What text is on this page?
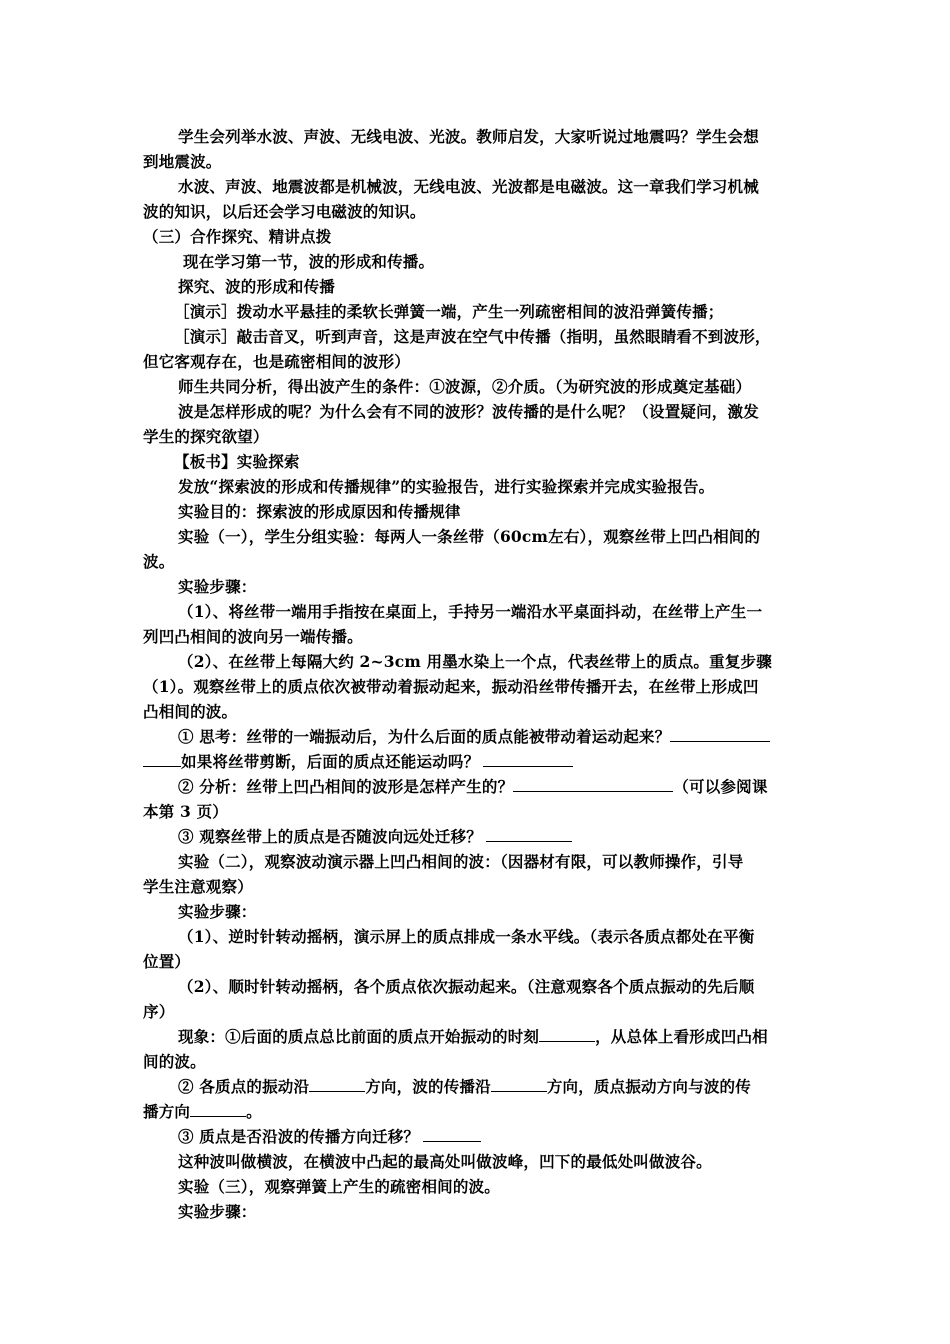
学生会列举水波、声波、无线电波、光波。教师启发，大家听说过地震吗？学生会想
到地震波。
水波、声波、地震波都是机械波，无线电波、光波都是电磁波。这一章我们学习机械
波的知识，以后还会学习电磁波的知识。
（三）合作探究、精讲点拨
现在学习第一节，波的形成和传播。
探究、波的形成和传播
［演示］拨动水平悬挂的柔软长弹簧一端，产生一列疏密相间的波沿弹簧传播；
［演示］敲击音叉，听到声音，这是声波在空气中传播（指明，虽然眼睛看不到波形，
但它客观存在，也是疏密相间的波形）
师生共同分析，得出波产生的条件：①波源，②介质。（为研究波的形成奠定基础）
波是怎样形成的呢？为什么会有不同的波形？波传播的是什么呢？（设置疑问，激发
学生的探究欲望）
【板书】实验探索
发放“探索波的形成和传播规律”的实验报告，进行实验探索并完成实验报告。
实验目的：探索波的形成原因和传播规律
实验（一），学生分组实验：每两人一条丝带（60cm左右），观察丝带上凹凸相间的
波。
实验步骤：
（1）、将丝带一端用手指按在桌面上，手持另一端沿水平桌面抖动，在丝带上产生一
列凹凸相间的波向另一端传播。
（2）、在丝带上每隔大约 2~3cm 用墨水染上一个点，代表丝带上的质点。重复步骤
（1）。观察丝带上的质点依次被带动着振动起来，振动沿丝带传播开去，在丝带上形成凹
凸相间的波。
① 思考：丝带的一端振动后，为什么后面的质点能被带动着运动起来？
如果将丝带剪断，后面的质点还能运动吗？
② 分析：丝带上凹凸相间的波形是怎样产生的？	（可以参阅课
本第 3 页）
③ 观察丝带上的质点是否随波向远处迁移？
实验（二），观察波动演示器上凹凸相间的波：（因器材有限，可以教师操作，引导
学生注意观察）
实验步骤：
（1）、逆时针转动摇柄，演示屏上的质点排成一条水平线。（表示各质点都处在平衡
位置）
（2）、顺时针转动摇柄，各个质点依次振动起来。（注意观察各个质点振动的先后顺
序）
现象：①后面的质点总比前面的质点开始振动的时刻	，从总体上看形成凹凸相
间的波。
② 各质点的振动沿	方向，波的传播沿	方向，质点振动方向与波的传
播方向	。
③ 质点是否沿波的传播方向迁移？
这种波叫做横波，在横波中凸起的最高处叫做波峰，凹下的最低处叫做波谷。
实验（三），观察弹簧上产生的疏密相间的波。
实验步骤：
